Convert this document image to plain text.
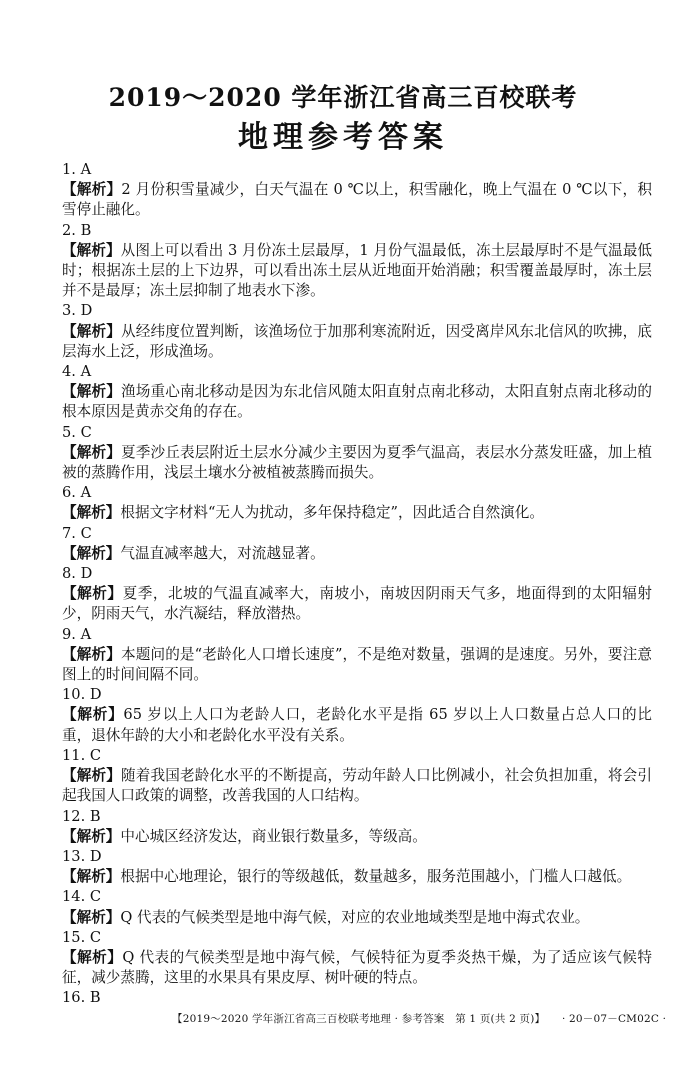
2019～2020 学年浙江省高三百校联考
地理参考答案

1. A

【解析】2 月份积雪量减少，白天气温在 0 ℃以上，积雪融化，晚上气温在 0 ℃以下，积雪停止融化。

2. B

【解析】从图上可以看出 3 月份冻土层最厚，1 月份气温最低，冻土层最厚时不是气温最低时；根据冻土层的上下边界，可以看出冻土层从近地面开始消融；积雪覆盖最厚时，冻土层并不是最厚；冻土层抑制了地表水下渗。

3. D

【解析】从经纬度位置判断，该渔场位于加那利寒流附近，因受离岸风东北信风的吹拂，底层海水上泛，形成渔场。

4. A

【解析】渔场重心南北移动是因为东北信风随太阳直射点南北移动，太阳直射点南北移动的根本原因是黄赤交角的存在。

5. C

【解析】夏季沙丘表层附近土层水分减少主要因为夏季气温高，表层水分蒸发旺盛，加上植被的蒸腾作用，浅层土壤水分被植被蒸腾而损失。

6. A

【解析】根据文字材料“无人为扰动，多年保持稳定”，因此适合自然演化。

7. C

【解析】气温直减率越大，对流越显著。

8. D

【解析】夏季，北坡的气温直减率大，南坡小，南坡因阴雨天气多，地面得到的太阳辐射少，阴雨天气，水汽凝结，释放潜热。

9. A

【解析】本题问的是“老龄化人口增长速度”，不是绝对数量，强调的是速度。另外，要注意图上的时间间隔不同。

10. D

【解析】65 岁以上人口为老龄人口，老龄化水平是指 65 岁以上人口数量占总人口的比重，退休年龄的大小和老龄化水平没有关系。

11. C

【解析】随着我国老龄化水平的不断提高，劳动年龄人口比例减小，社会负担加重，将会引起我国人口政策的调整，改善我国的人口结构。

12. B

【解析】中心城区经济发达，商业银行数量多，等级高。

13. D

【解析】根据中心地理论，银行的等级越低，数量越多，服务范围越小，门槛人口越低。

14. C

【解析】Q 代表的气候类型是地中海气候，对应的农业地域类型是地中海式农业。

15. C

【解析】Q 代表的气候类型是地中海气候，气候特征为夏季炎热干燥，为了适应该气候特征，减少蒸腾，这里的水果具有果皮厚、树叶硬的特点。

16. B

【2019～2020 学年浙江省高三百校联考地理 · 参考答案　第 1 页(共 2 页)】 · 20－07－CM02C ·
